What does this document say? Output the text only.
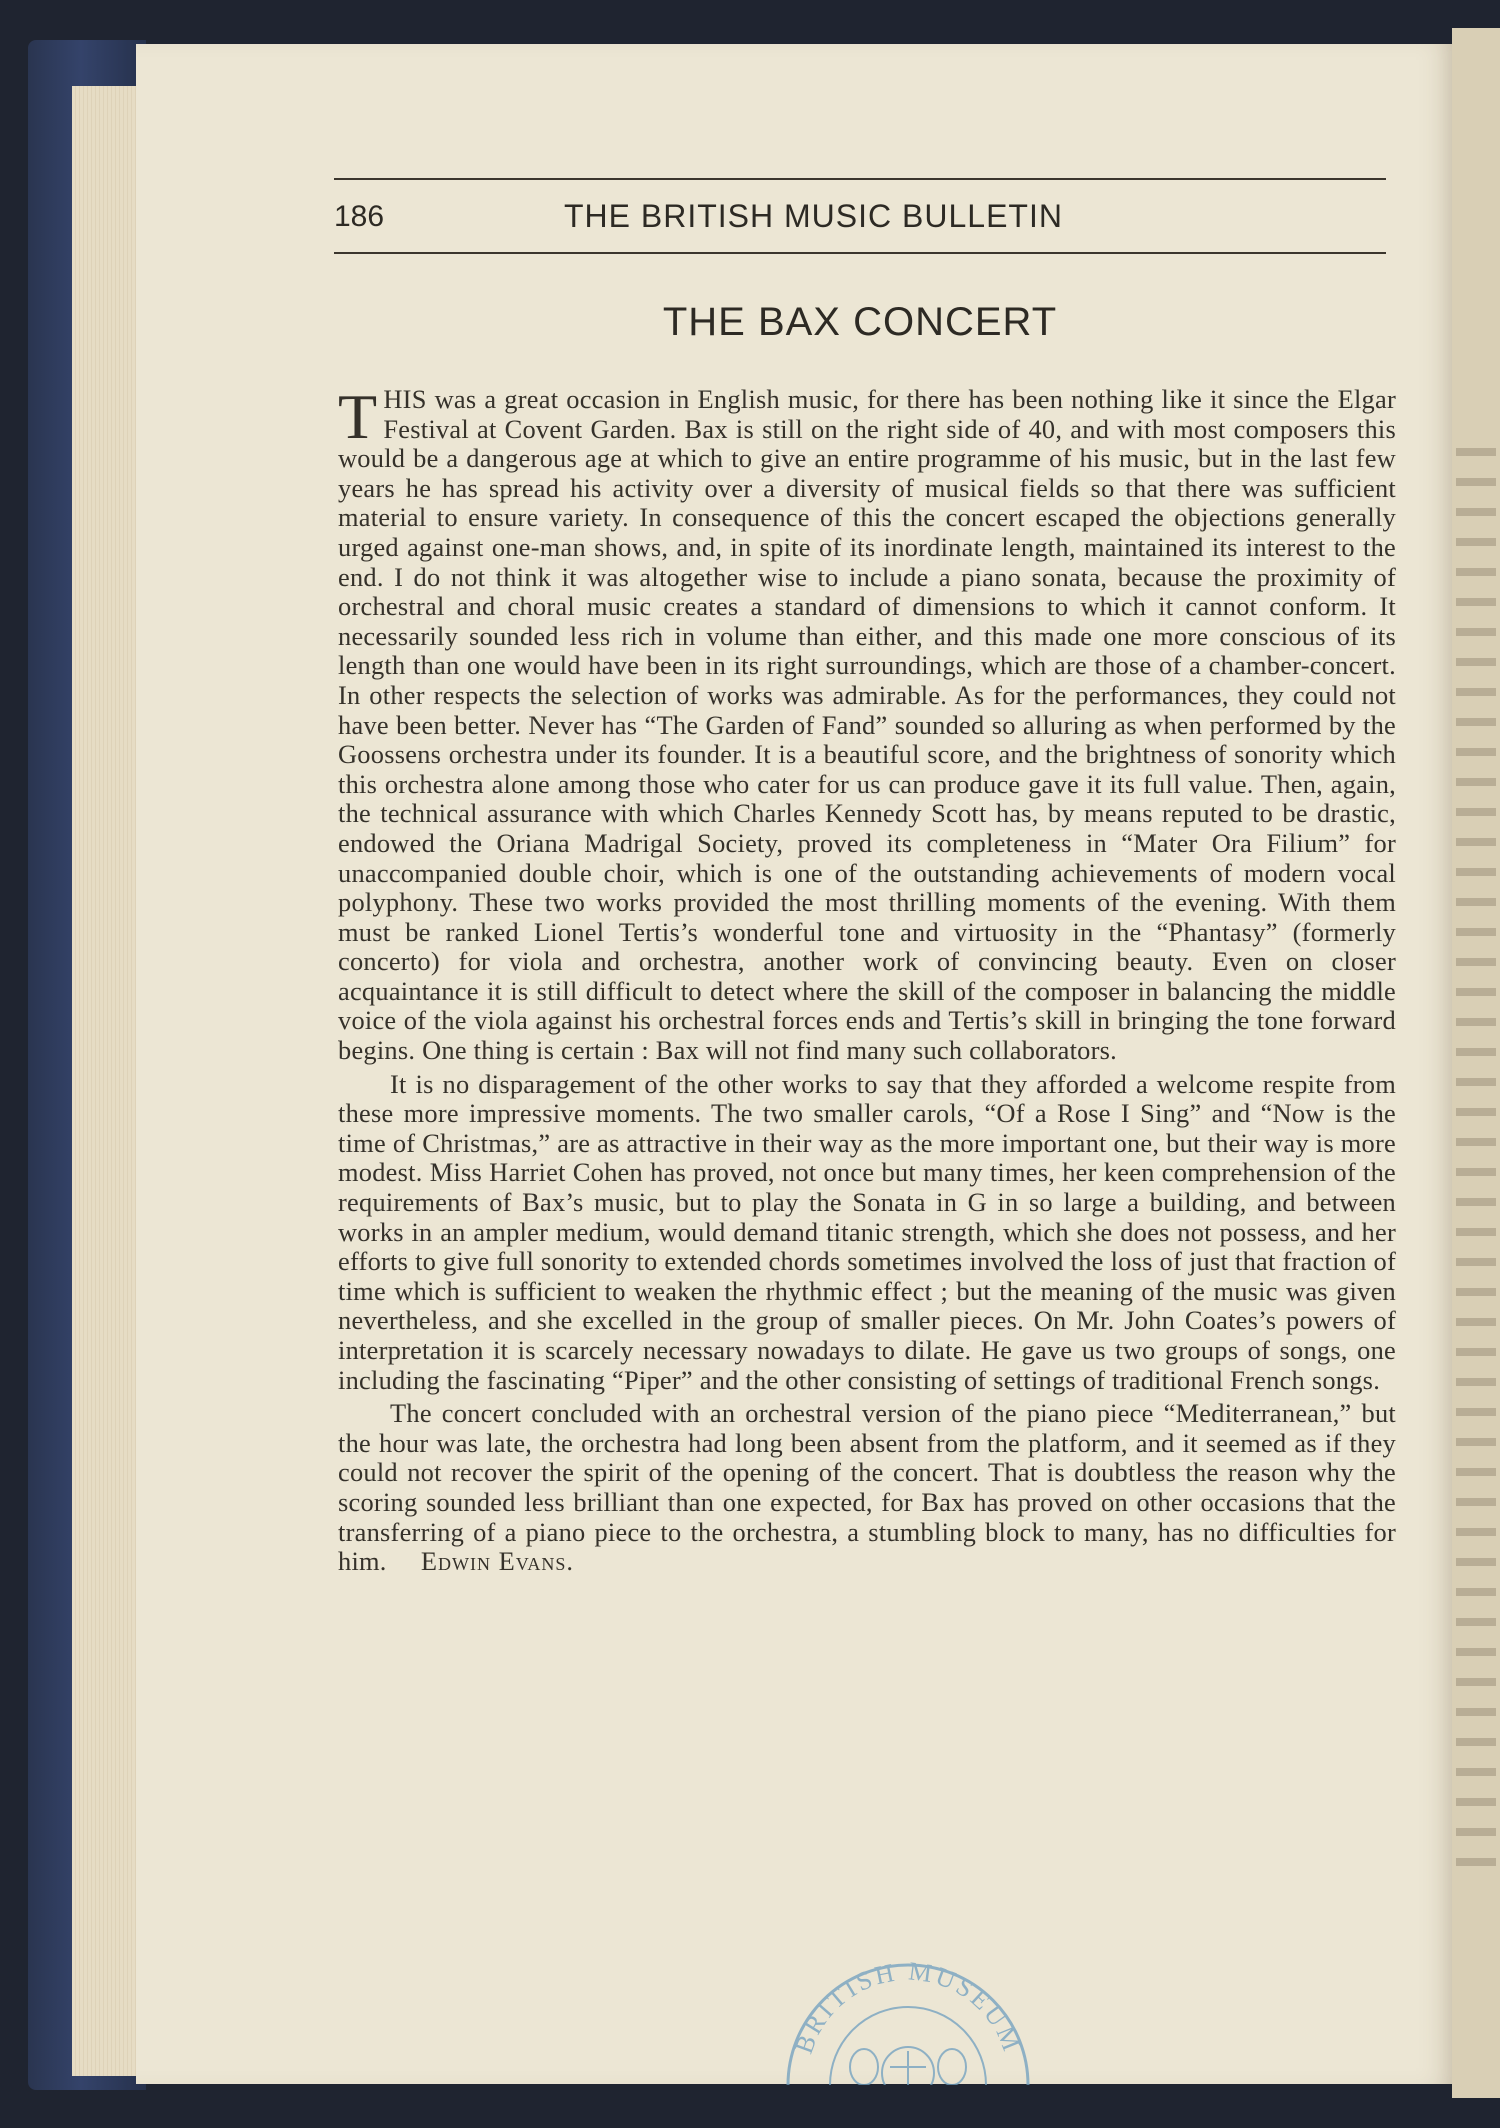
186	THE BRITISH MUSIC BULLETIN
THE BAX CONCERT

THIS was a great occasion in English music, for there has been nothing like it since the Elgar Festival at Covent Garden. Bax is still on the right side of 40, and with most composers this would be a dangerous age at which to give an entire programme of his music, but in the last few years he has spread his activity over a diversity of musical fields so that there was sufficient material to ensure variety. In consequence of this the concert escaped the objections generally urged against one-man shows, and, in spite of its inordinate length, maintained its interest to the end. I do not think it was altogether wise to include a piano sonata, because the proximity of orchestral and choral music creates a standard of dimensions to which it cannot conform. It necessarily sounded less rich in volume than either, and this made one more conscious of its length than one would have been in its right surroundings, which are those of a chamber-concert. In other respects the selection of works was admirable. As for the performances, they could not have been better. Never has “The Garden of Fand” sounded so alluring as when performed by the Goossens orchestra under its founder. It is a beautiful score, and the brightness of sonority which this orchestra alone among those who cater for us can produce gave it its full value. Then, again, the technical assurance with which Charles Kennedy Scott has, by means reputed to be drastic, endowed the Oriana Madrigal Society, proved its completeness in “Mater Ora Filium” for unaccompanied double choir, which is one of the outstanding achievements of modern vocal polyphony. These two works provided the most thrilling moments of the evening. With them must be ranked Lionel Tertis’s wonderful tone and virtuosity in the “Phantasy” (formerly concerto) for viola and orchestra, another work of convincing beauty. Even on closer acquaintance it is still difficult to detect where the skill of the composer in balancing the middle voice of the viola against his orchestral forces ends and Tertis’s skill in bringing the tone forward begins. One thing is certain : Bax will not find many such collaborators.

It is no disparagement of the other works to say that they afforded a welcome respite from these more impressive moments. The two smaller carols, “Of a Rose I Sing” and “Now is the time of Christmas,” are as attractive in their way as the more important one, but their way is more modest. Miss Harriet Cohen has proved, not once but many times, her keen comprehension of the requirements of Bax’s music, but to play the Sonata in G in so large a building, and between works in an ampler medium, would demand titanic strength, which she does not possess, and her efforts to give full sonority to extended chords sometimes involved the loss of just that fraction of time which is sufficient to weaken the rhythmic effect ; but the meaning of the music was given nevertheless, and she excelled in the group of smaller pieces. On Mr. John Coates’s powers of interpretation it is scarcely necessary nowadays to dilate. He gave us two groups of songs, one including the fascinating “Piper” and the other consisting of settings of traditional French songs.

The concert concluded with an orchestral version of the piano piece “Mediterranean,” but the hour was late, the orchestra had long been absent from the platform, and it seemed as if they could not recover the spirit of the opening of the concert. That is doubtless the reason why the scoring sounded less brilliant than one expected, for Bax has proved on other occasions that the transferring of a piano piece to the orchestra, a stumbling block to many, has no difficulties for him. Edwin Evans.

BRITISH MUSEUM
